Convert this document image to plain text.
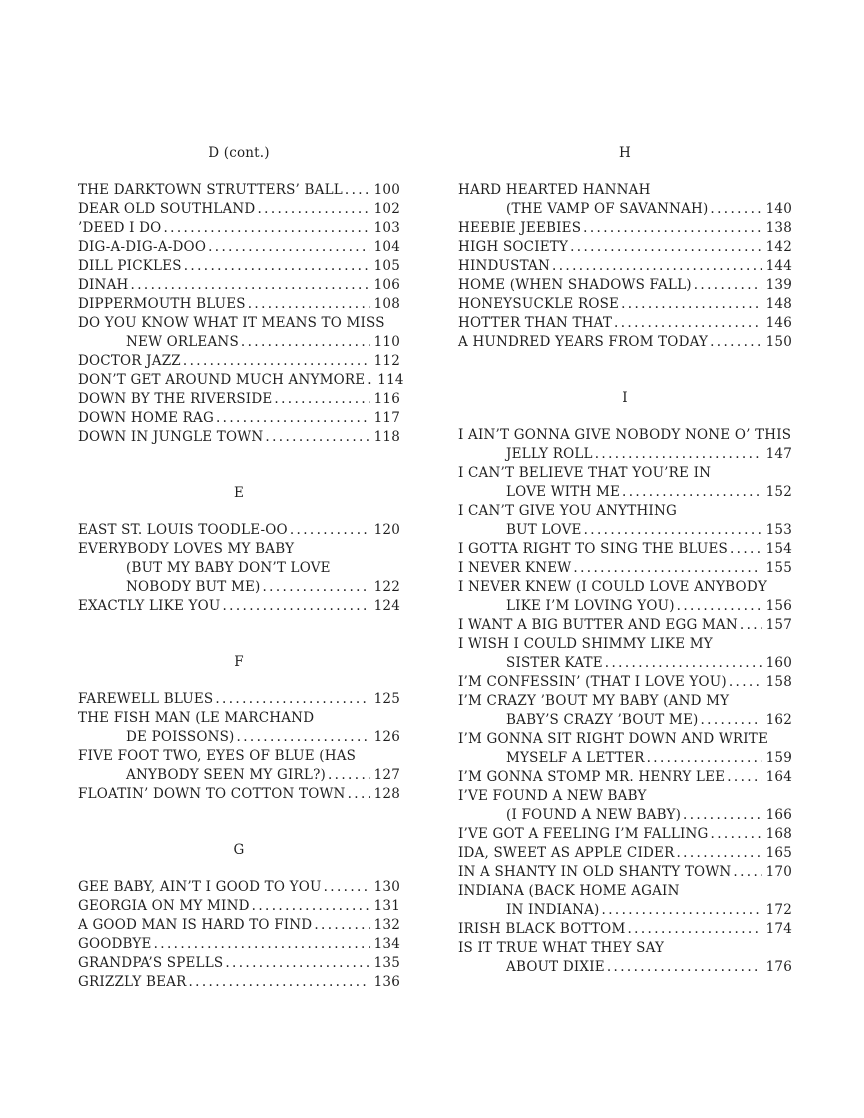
D (cont.)
THE DARKTOWN STRUTTERS’ BALL ..... 100
DEAR OLD SOUTHLAND .....	102
’DEED I DO .....	103
DIG-A-DIG-A-DOO .....	104
DILL PICKLES .....	105
DINAH .....	106
DIPPERMOUTH BLUES .....	108
DO YOU KNOW WHAT IT MEANS TO MISS
NEW ORLEANS .....	110
DOCTOR JAZZ .....	112
DON’T GET AROUND MUCH ANYMORE ..... 114
DOWN BY THE RIVERSIDE .....	116
DOWN HOME RAG .....	117
DOWN IN JUNGLE TOWN .....	118
E
EAST ST. LOUIS TOODLE-OO .....	120
EVERYBODY LOVES MY BABY
(BUT MY BABY DON’T LOVE
NOBODY BUT ME) .....	122
EXACTLY LIKE YOU .....	124
F
FAREWELL BLUES .....	125
THE FISH MAN (LE MARCHAND
DE POISSONS) .....	126
FIVE FOOT TWO, EYES OF BLUE (HAS
ANYBODY SEEN MY GIRL?) .....	127
FLOATIN’ DOWN TO COTTON TOWN ..... 128
G
GEE BABY, AIN’T I GOOD TO YOU .....	130
GEORGIA ON MY MIND .....	131
A GOOD MAN IS HARD TO FIND .....	132
GOODBYE .....	134
GRANDPA’S SPELLS .....	135
GRIZZLY BEAR .....	136
H
HARD HEARTED HANNAH
(THE VAMP OF SAVANNAH) .....	140
HEEBIE JEEBIES .....	138
HIGH SOCIETY .....	142
HINDUSTAN .....	144
HOME (WHEN SHADOWS FALL) .....	139
HONEYSUCKLE ROSE .....	148
HOTTER THAN THAT .....	146
A HUNDRED YEARS FROM TODAY .....	150
I
I AIN’T GONNA GIVE NOBODY NONE O’ THIS
JELLY ROLL .....	147
I CAN’T BELIEVE THAT YOU’RE IN
LOVE WITH ME .....	152
I CAN’T GIVE YOU ANYTHING
BUT LOVE .....	153
I GOTTA RIGHT TO SING THE BLUES .....	154
I NEVER KNEW .....	155
I NEVER KNEW (I COULD LOVE ANYBODY
LIKE I’M LOVING YOU) .....	156
I WANT A BIG BUTTER AND EGG MAN ..... 157
I WISH I COULD SHIMMY LIKE MY
SISTER KATE .....	160
I’M CONFESSIN’ (THAT I LOVE YOU) .....	158
I’M CRAZY ’BOUT MY BABY (AND MY
BABY’S CRAZY ’BOUT ME) .....	162
I’M GONNA SIT RIGHT DOWN AND WRITE
MYSELF A LETTER .....	159
I’M GONNA STOMP MR. HENRY LEE .....	164
I’VE FOUND A NEW BABY
(I FOUND A NEW BABY) .....	166
I’VE GOT A FEELING I’M FALLING .....	168
IDA, SWEET AS APPLE CIDER .....	165
IN A SHANTY IN OLD SHANTY TOWN .....	170
INDIANA (BACK HOME AGAIN
IN INDIANA) .....	172
IRISH BLACK BOTTOM .....	174
IS IT TRUE WHAT THEY SAY
ABOUT DIXIE .....	176
